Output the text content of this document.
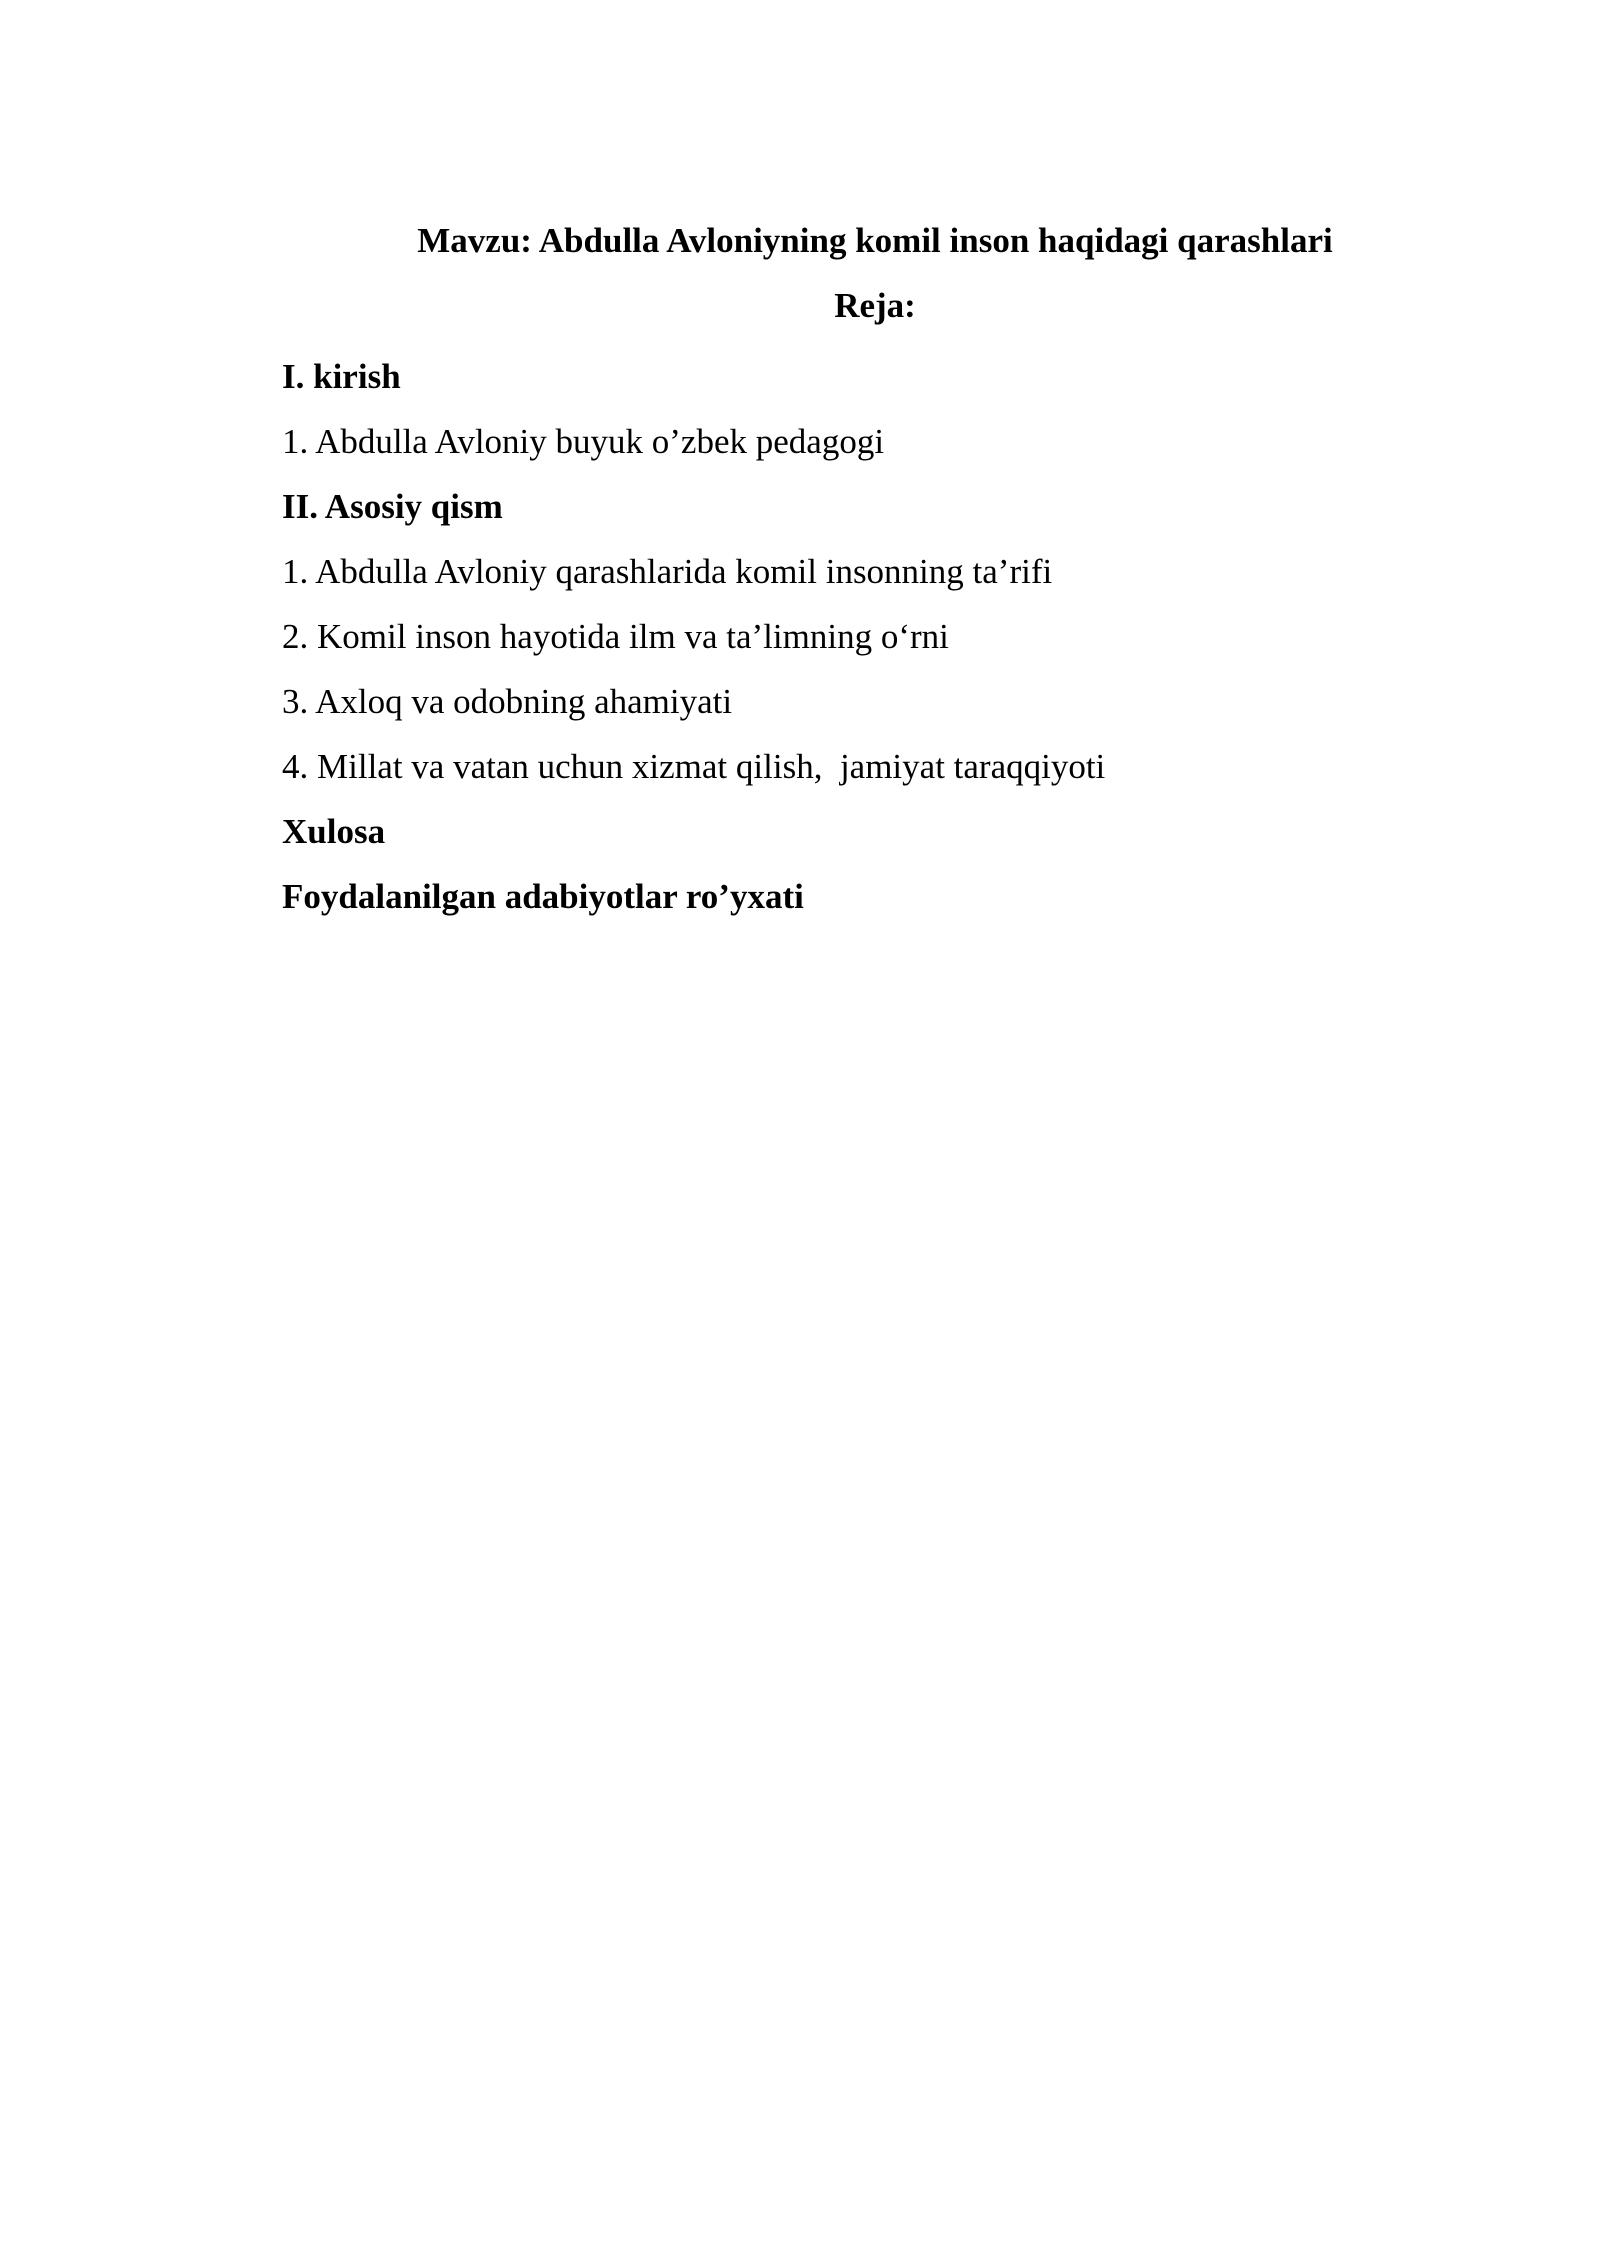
Mavzu: Abdulla Avloniyning komil inson haqidagi qarashlari
Reja:
I. kirish
1. Abdulla Avloniy buyuk o’zbek pedagogi
II. Asosiy qism
1. Abdulla Avloniy qarashlarida komil insonning ta’rifi
2. Komil inson hayotida ilm va ta’limning o‘rni
3. Axloq va odobning ahamiyati
4. Millat va vatan uchun xizmat qilish,  jamiyat taraqqiyoti
Xulosa
Foydalanilgan adabiyotlar ro’yxati
